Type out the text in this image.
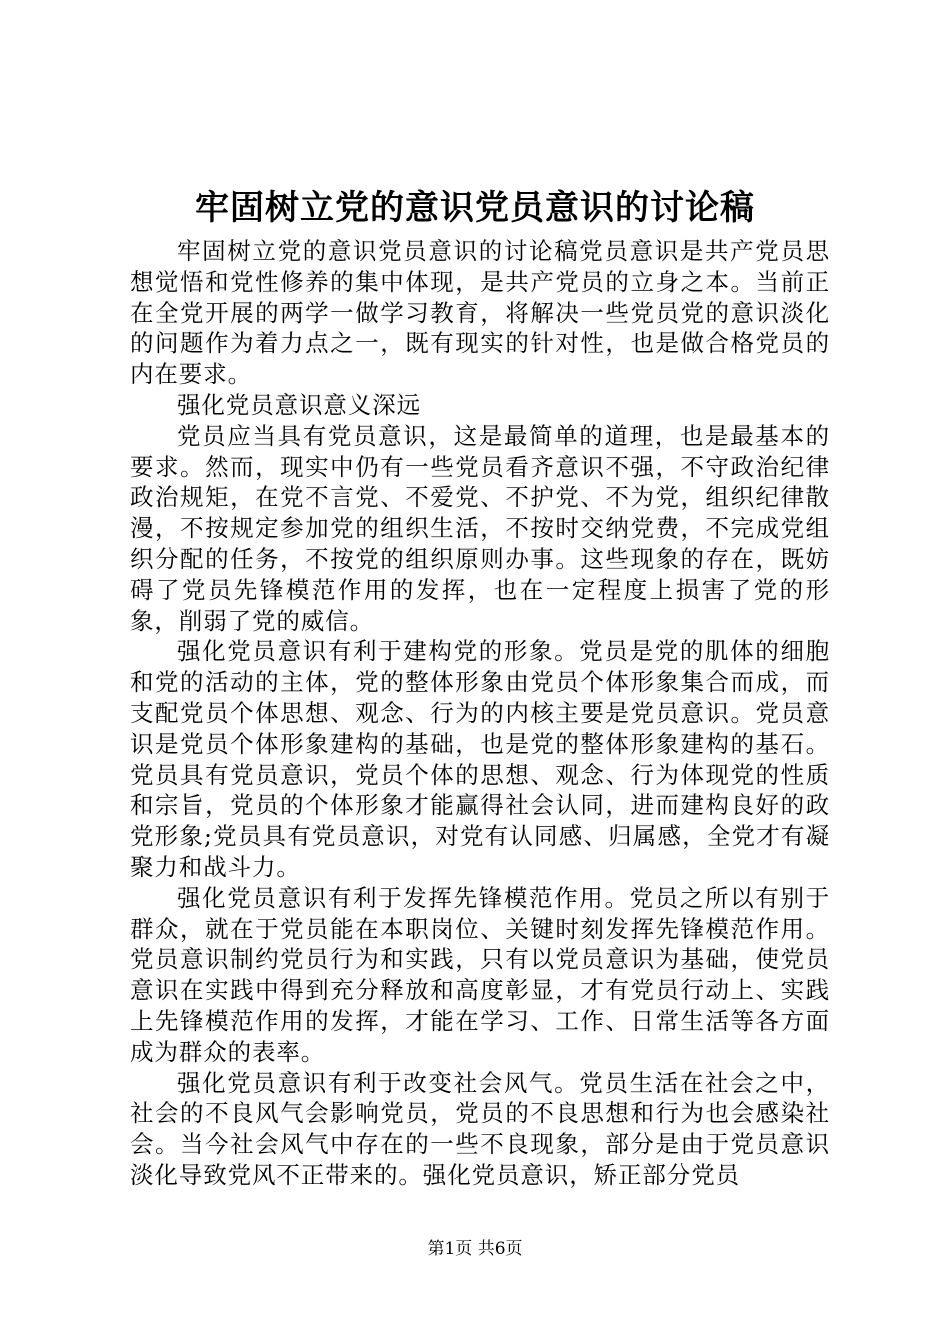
牢固树立党的意识党员意识的讨论稿

牢固树立党的意识党员意识的讨论稿党员意识是共产党员思想觉悟和党性修养的集中体现，是共产党员的立身之本。当前正在全党开展的两学一做学习教育，将解决一些党员党的意识淡化的问题作为着力点之一，既有现实的针对性，也是做合格党员的内在要求。

强化党员意识意义深远

党员应当具有党员意识，这是最简单的道理，也是最基本的要求。然而，现实中仍有一些党员看齐意识不强，不守政治纪律政治规矩，在党不言党、不爱党、不护党、不为党，组织纪律散漫，不按规定参加党的组织生活，不按时交纳党费，不完成党组织分配的任务，不按党的组织原则办事。这些现象的存在，既妨碍了党员先锋模范作用的发挥，也在一定程度上损害了党的形象，削弱了党的威信。

强化党员意识有利于建构党的形象。党员是党的肌体的细胞和党的活动的主体，党的整体形象由党员个体形象集合而成，而支配党员个体思想、观念、行为的内核主要是党员意识。党员意识是党员个体形象建构的基础，也是党的整体形象建构的基石。党员具有党员意识，党员个体的思想、观念、行为体现党的性质和宗旨，党员的个体形象才能赢得社会认同，进而建构良好的政党形象;党员具有党员意识，对党有认同感、归属感，全党才有凝聚力和战斗力。

强化党员意识有利于发挥先锋模范作用。党员之所以有别于群众，就在于党员能在本职岗位、关键时刻发挥先锋模范作用。党员意识制约党员行为和实践，只有以党员意识为基础，使党员意识在实践中得到充分释放和高度彰显，才有党员行动上、实践上先锋模范作用的发挥，才能在学习、工作、日常生活等各方面成为群众的表率。

强化党员意识有利于改变社会风气。党员生活在社会之中，社会的不良风气会影响党员，党员的不良思想和行为也会感染社会。当今社会风气中存在的一些不良现象，部分是由于党员意识淡化导致党风不正带来的。强化党员意识，矫正部分党员

第1页 共6页
